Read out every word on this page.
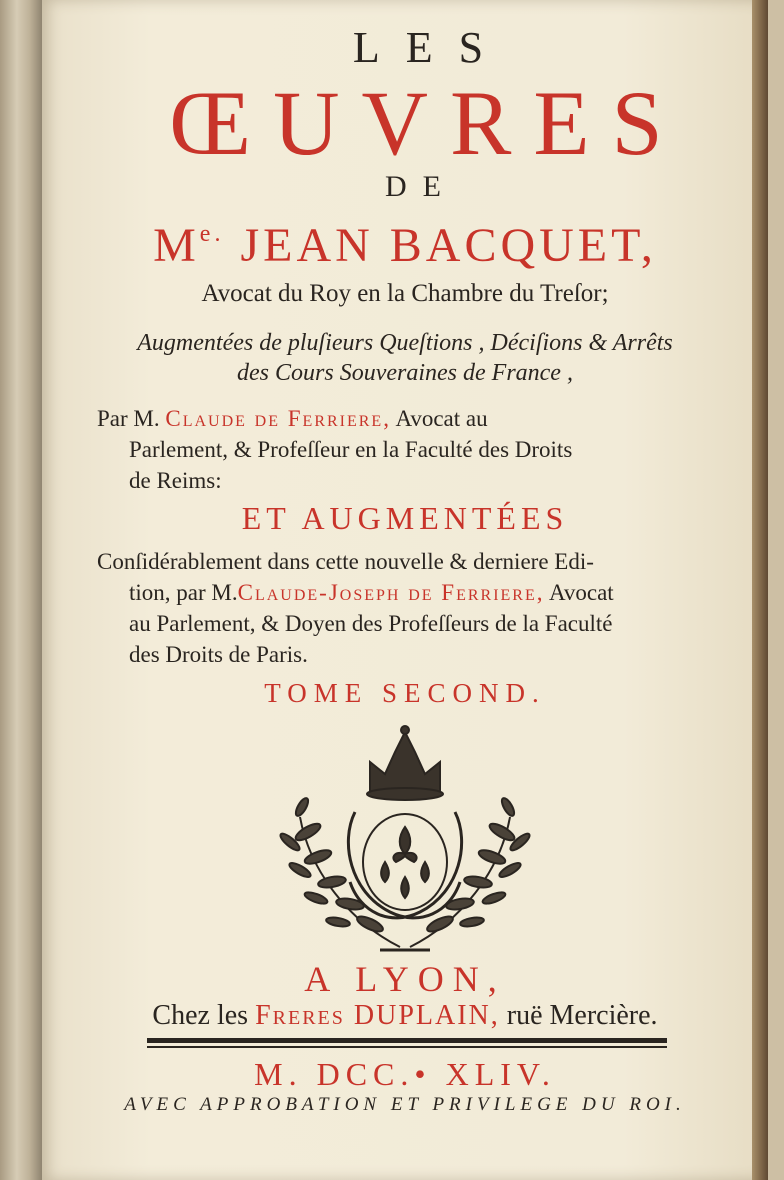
LES
ŒUVRES
DE
$M^{e.}$ JEAN BACQUET,
Avocat du Roy en la Chambre du Treſor;
Augmentées de pluſieurs Queſtions , Déciſions & Arrêts
des Cours Souveraines de France ,
Par M. Claude de Ferriere, Avocat au
Parlement, & Profeſſeur en la Faculté des Droits
de Reims:
ET AUGMENTÉES
Conſidérablement dans cette nouvelle & derniere Edi-
tion, par M.Claude-Joseph de Ferriere, Avocat
au Parlement, & Doyen des Profeſſeurs de la Faculté
des Droits de Paris.
TOME SECOND.
A LYON,
Chez les Freres DUPLAIN, ruë Mercière.
M. DCC.• XLIV.
AVEC APPROBATION ET PRIVILEGE DU ROI.
